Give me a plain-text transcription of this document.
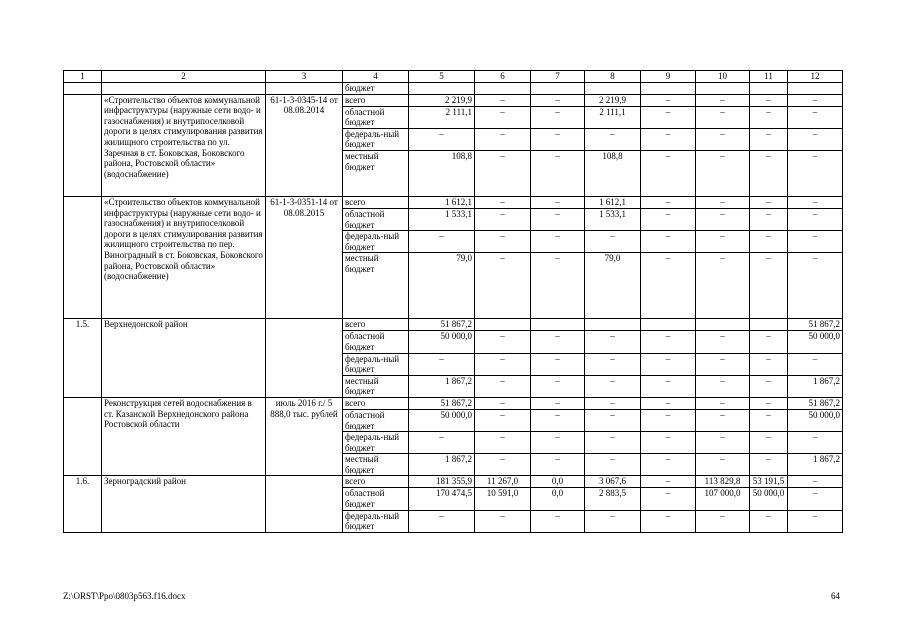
1	2	3	4	5	6	7	8	9	10	11	12
			бюджет								
	«Строительство объектов коммунальной инфраструктуры (наружные сети водо- и газоснабжения) и внутрипоселковой дороги в целях стимулирования развития жилищного строительства по ул. Заречная в ст. Боковская, Боковского района, Ростовской области» (водоснабжение)	61-1-3-0345-14 от 08.08.2014	всего	2 219,9	–	–	2 219,9	–	–	–	–
			областной бюджет	2 111,1	–	–	2 111,1	–	–	–	–
			федераль-ный бюджет	–	–	–	–	–	–	–	–
			местный бюджет	108,8	–	–	108,8	–	–	–	–
	«Строительство объектов коммунальной инфраструктуры (наружные сети водо- и газоснабжения) и внутрипоселковой дороги в целях стимулирования развития жилищного строительства по пер. Виноградный в ст. Боковская, Боковского района, Ростовской области» (водоснабжение)	61-1-3-0351-14 от 08.08.2015	всего	1 612,1	–	–	1 612,1	–	–	–	–
			областной бюджет	1 533,1	–	–	1 533,1	–	–	–	–
			федераль-ный бюджет	–	–	–	–	–	–	–	–
			местный бюджет	79,0	–	–	79,0	–	–	–	–
1.5.	Верхнедонской район		всего	51 867,2							51 867,2
			областной бюджет	50 000,0	–	–	–	–	–	–	50 000,0
			федераль-ный бюджет	–	–	–	–	–	–	–	–
			местный бюджет	1 867,2	–	–	–	–	–	–	1 867,2
	Реконструкция сетей водоснабжения в ст. Казанской Верхнедонского района Ростовской области	июль 2016 г./ 5 888,0 тыс. рублей	всего	51 867,2	–	–	–	–	–	–	51 867,2
			областной бюджет	50 000,0	–	–	–	–	–	–	50 000,0
			федераль-ный бюджет	–	–	–	–	–	–	–	–
			местный бюджет	1 867,2	–	–	–	–	–	–	1 867,2
1.6.	Зерноградский район		всего	181 355,9	11 267,0	0,0	3 067,6	–	113 829,8	53 191,5	–
			областной бюджет	170 474,5	10 591,0	0,0	2 883,5	–	107 000,0	50 000,0	–
			федераль-ный бюджет	–	–	–	–	–	–	–	–
Z:\ORST\Ppo\0803p563.f16.docx	64
